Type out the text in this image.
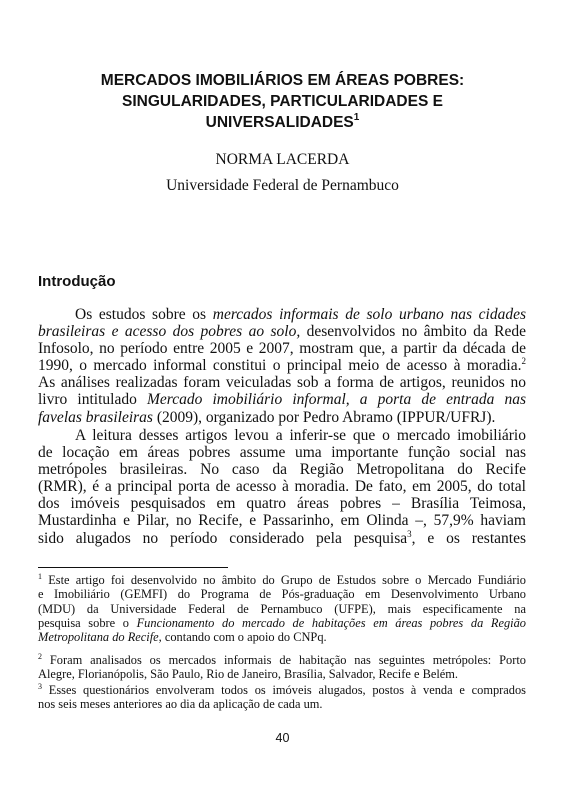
MERCADOS IMOBILIÁRIOS EM ÁREAS POBRES:
SINGULARIDADES, PARTICULARIDADES E
UNIVERSALIDADES$^1$
NORMA LACERDA
Universidade Federal de Pernambuco
Introdução
Os estudos sobre os mercados informais de solo urbano nas cidades
brasileiras e acesso dos pobres ao solo, desenvolvidos no âmbito da Rede
Infosolo, no período entre 2005 e 2007, mostram que, a partir da década de
1990, o mercado informal constitui o principal meio de acesso à moradia.$^2$
As análises realizadas foram veiculadas sob a forma de artigos, reunidos no
livro intitulado Mercado imobiliário informal, a porta de entrada nas
favelas brasileiras (2009), organizado por Pedro Abramo (IPPUR/UFRJ).
A leitura desses artigos levou a inferir-se que o mercado imobiliário
de locação em áreas pobres assume uma importante função social nas
metrópoles brasileiras. No caso da Região Metropolitana do Recife
(RMR), é a principal porta de acesso à moradia. De fato, em 2005, do total
dos imóveis pesquisados em quatro áreas pobres – Brasília Teimosa,
Mustardinha e Pilar, no Recife, e Passarinho, em Olinda –, 57,9% haviam
sido alugados no período considerado pela pesquisa$^3$, e os restantes
$^1$ Este artigo foi desenvolvido no âmbito do Grupo de Estudos sobre o Mercado Fundiário
e Imobiliário (GEMFI) do Programa de Pós-graduação em Desenvolvimento Urbano
(MDU) da Universidade Federal de Pernambuco (UFPE), mais especificamente na
pesquisa sobre o Funcionamento do mercado de habitações em áreas pobres da Região
Metropolitana do Recife, contando com o apoio do CNPq.
$^2$ Foram analisados os mercados informais de habitação nas seguintes metrópoles: Porto
Alegre, Florianópolis, São Paulo, Rio de Janeiro, Brasília, Salvador, Recife e Belém.
$^3$ Esses questionários envolveram todos os imóveis alugados, postos à venda e comprados
nos seis meses anteriores ao dia da aplicação de cada um.
40
